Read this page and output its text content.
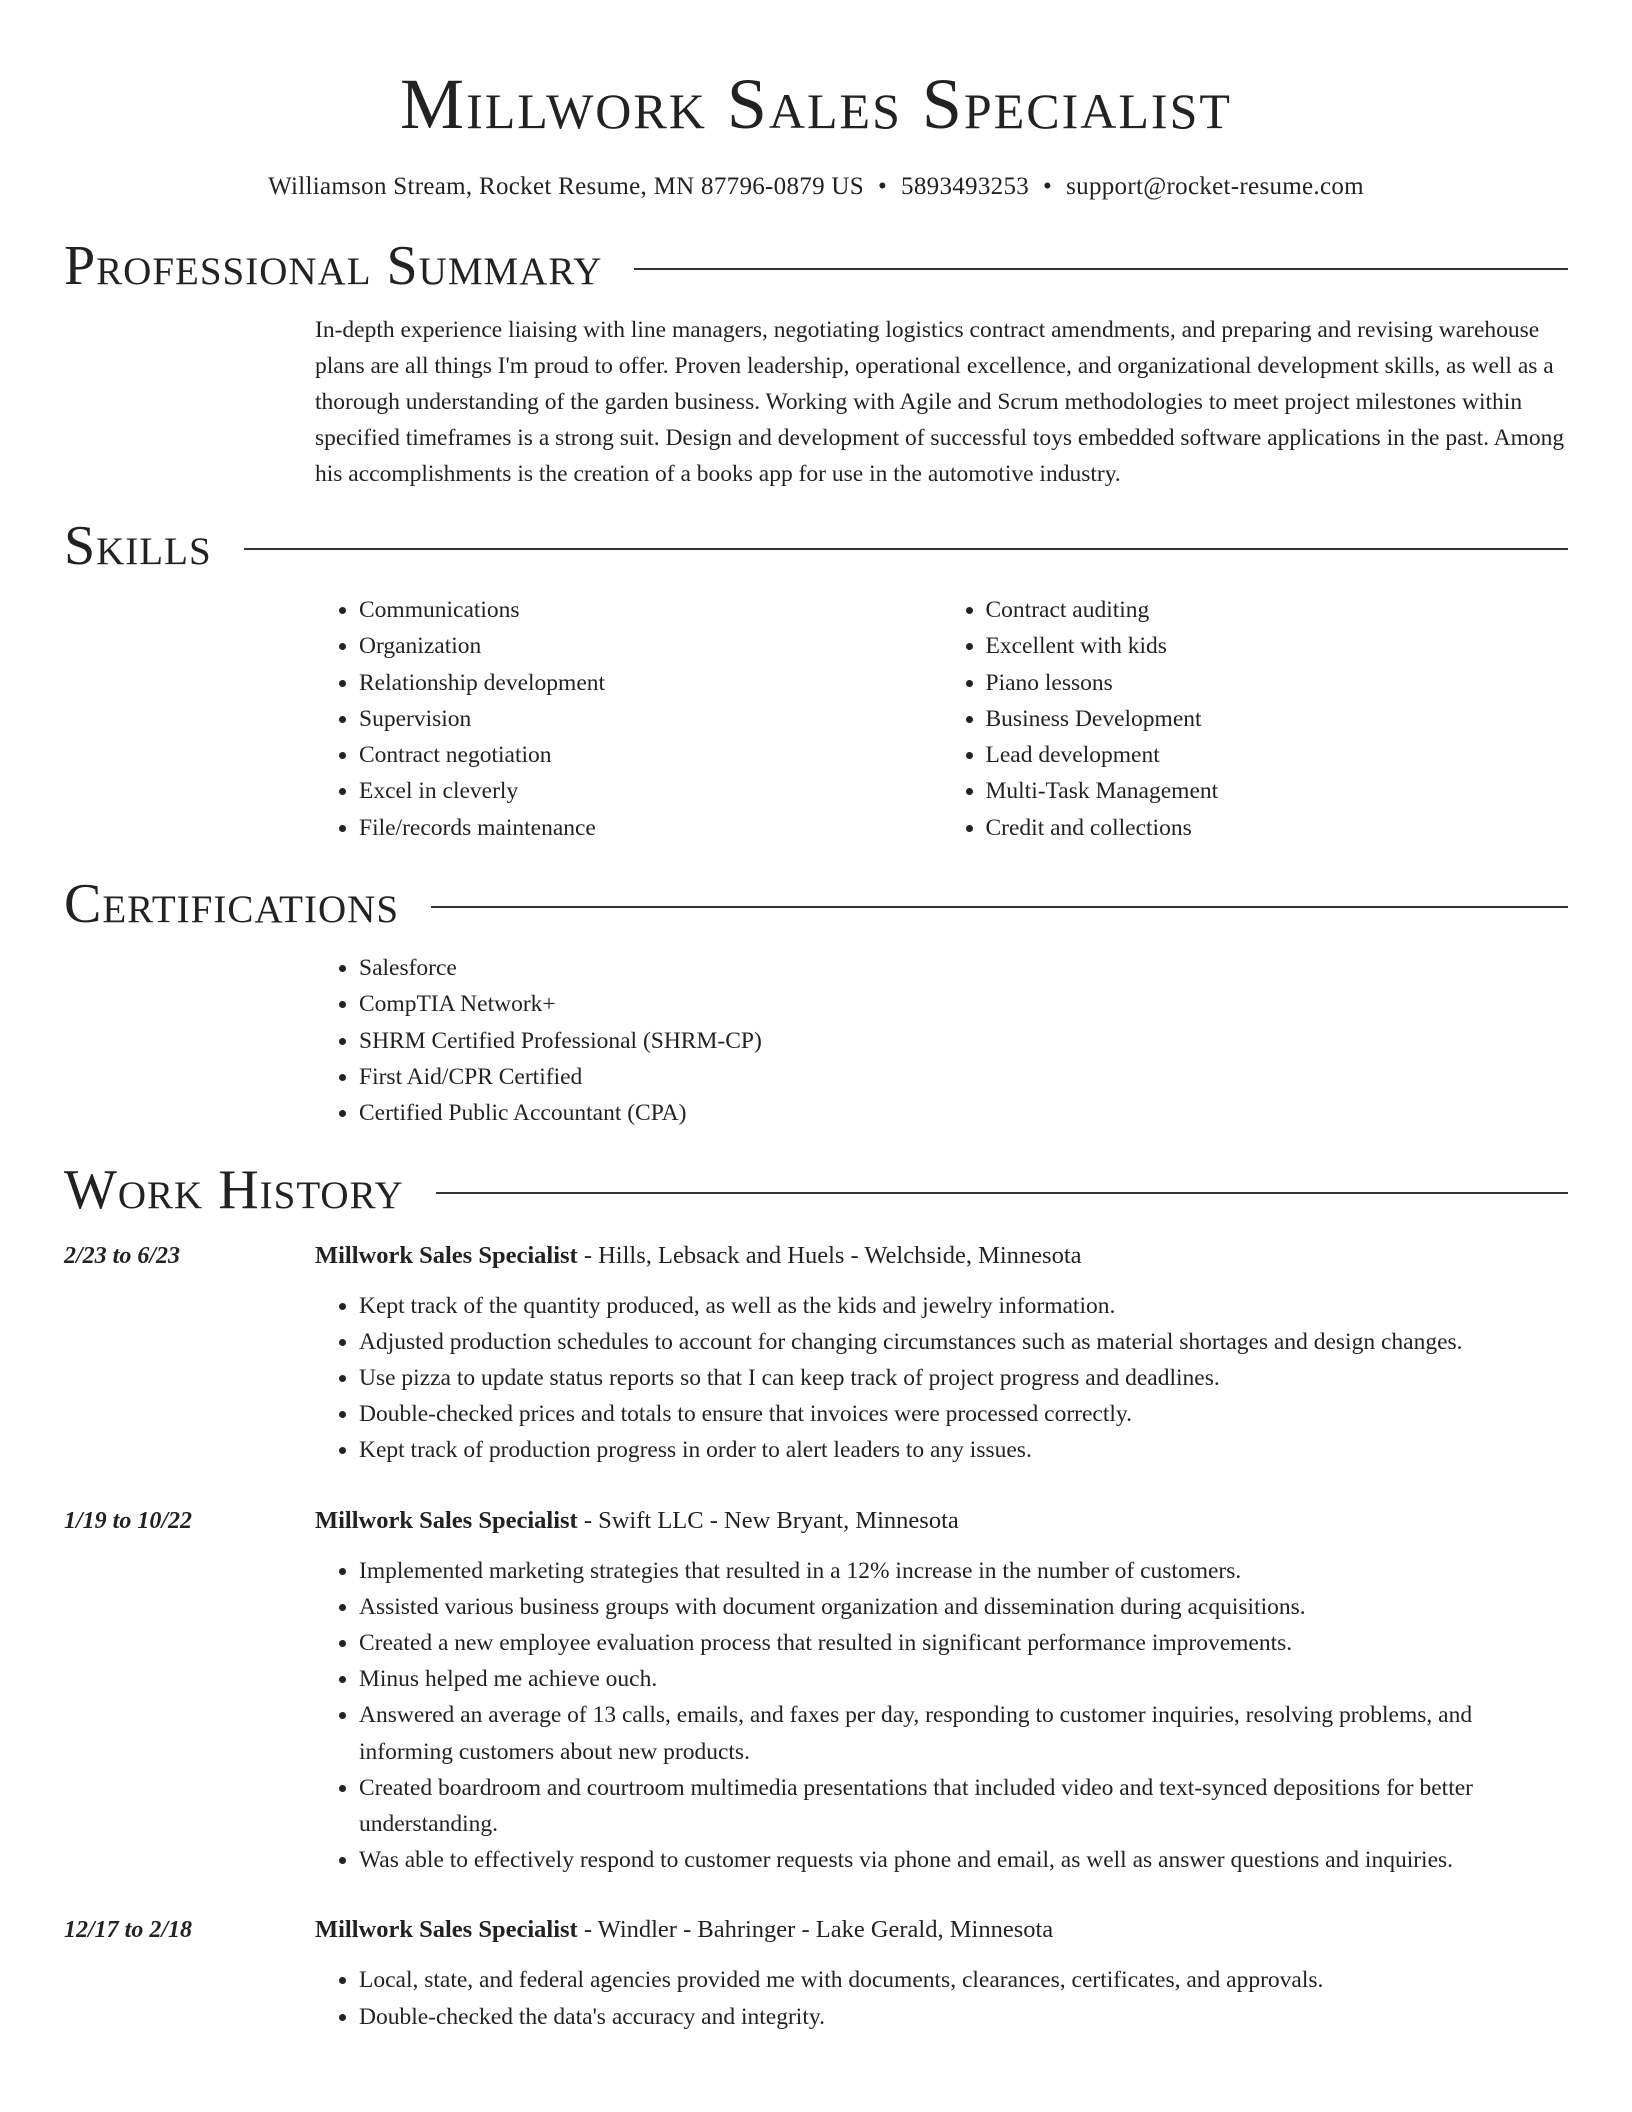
Millwork Sales Specialist
Williamson Stream, Rocket Resume, MN 87796-0879 US • 5893493253 • support@rocket-resume.com
Professional Summary

In-depth experience liaising with line managers, negotiating logistics contract amendments, and preparing and revising warehouse plans are all things I'm proud to offer. Proven leadership, operational excellence, and organizational development skills, as well as a thorough understanding of the garden business. Working with Agile and Scrum methodologies to meet project milestones within specified timeframes is a strong suit. Design and development of successful toys embedded software applications in the past. Among his accomplishments is the creation of a books app for use in the automotive industry.

Skills
• Communications
• Organization
• Relationship development
• Supervision
• Contract negotiation
• Excel in cleverly
• File/records maintenance
• Contract auditing
• Excellent with kids
• Piano lessons
• Business Development
• Lead development
• Multi-Task Management
• Credit and collections
Certifications
• Salesforce
• CompTIA Network+
• SHRM Certified Professional (SHRM-CP)
• First Aid/CPR Certified
• Certified Public Accountant (CPA)
Work History
2/23 to 6/23	Millwork Sales Specialist - Hills, Lebsack and Huels - Welchside, Minnesota
• Kept track of the quantity produced, as well as the kids and jewelry information.
• Adjusted production schedules to account for changing circumstances such as material shortages and design changes.
• Use pizza to update status reports so that I can keep track of project progress and deadlines.
• Double-checked prices and totals to ensure that invoices were processed correctly.
• Kept track of production progress in order to alert leaders to any issues.
1/19 to 10/22	Millwork Sales Specialist - Swift LLC - New Bryant, Minnesota
• Implemented marketing strategies that resulted in a 12% increase in the number of customers.
• Assisted various business groups with document organization and dissemination during acquisitions.
• Created a new employee evaluation process that resulted in significant performance improvements.
• Minus helped me achieve ouch.
• Answered an average of 13 calls, emails, and faxes per day, responding to customer inquiries, resolving problems, and informing customers about new products.
• Created boardroom and courtroom multimedia presentations that included video and text-synced depositions for better understanding.
• Was able to effectively respond to customer requests via phone and email, as well as answer questions and inquiries.
12/17 to 2/18	Millwork Sales Specialist - Windler - Bahringer - Lake Gerald, Minnesota
• Local, state, and federal agencies provided me with documents, clearances, certificates, and approvals.
• Double-checked the data's accuracy and integrity.
